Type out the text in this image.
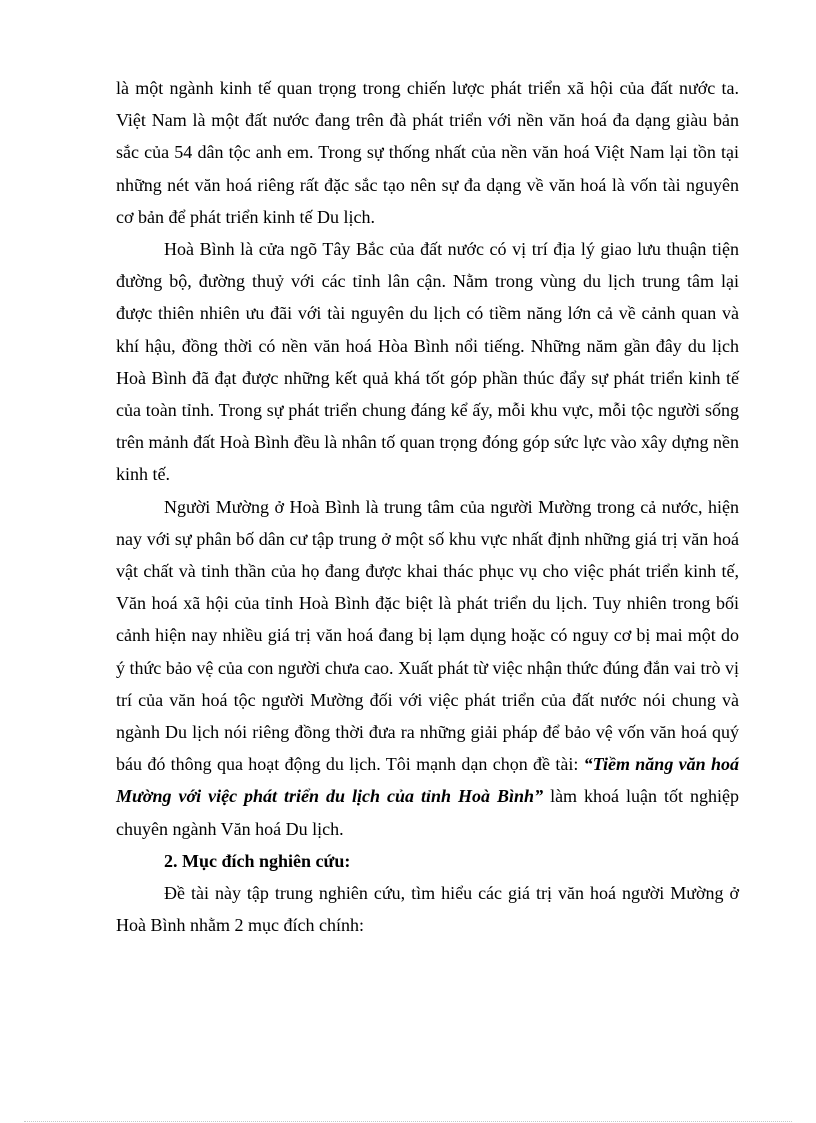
là một ngành kinh tế quan trọng trong chiến lược phát triển xã hội của đất nước ta. Việt Nam là một đất nước đang trên đà phát triển với nền văn hoá đa dạng giàu bản sắc của 54 dân tộc anh em. Trong sự thống nhất của nền văn hoá Việt Nam lại tồn tại những nét văn hoá riêng rất đặc sắc tạo nên sự đa dạng về văn hoá là vốn tài nguyên cơ bản để phát triển kinh tế Du lịch.

Hoà Bình là cửa ngõ Tây Bắc của đất nước có vị trí địa lý giao lưu thuận tiện đường bộ, đường thuỷ với các tỉnh lân cận. Nằm trong vùng du lịch trung tâm lại được thiên nhiên ưu đãi với tài nguyên du lịch có tiềm năng lớn cả về cảnh quan và khí hậu, đồng thời có nền văn hoá Hòa Bình nổi tiếng. Những năm gần đây du lịch Hoà Bình đã đạt được những kết quả khá tốt góp phần thúc đẩy sự phát triển kinh tế của toàn tỉnh. Trong sự phát triển chung đáng kể ấy, mỗi khu vực, mỗi tộc người sống trên mảnh đất Hoà Bình đều là nhân tố quan trọng đóng góp sức lực vào xây dựng nền kinh tế.

Người Mường ở Hoà Bình là trung tâm của người Mường trong cả nước, hiện nay với sự phân bố dân cư tập trung ở một số khu vực nhất định những giá trị văn hoá vật chất và tinh thần của họ đang được khai thác phục vụ cho việc phát triển kinh tế, Văn hoá xã hội của tỉnh Hoà Bình đặc biệt là phát triển du lịch. Tuy nhiên trong bối cảnh hiện nay nhiều giá trị văn hoá đang bị lạm dụng hoặc có nguy cơ bị mai một do ý thức bảo vệ của con người chưa cao. Xuất phát từ việc nhận thức đúng đắn vai trò vị trí của văn hoá tộc người Mường đối với việc phát triển của đất nước nói chung và ngành Du lịch nói riêng đồng thời đưa ra những giải pháp để bảo vệ vốn văn hoá quý báu đó thông qua hoạt động du lịch. Tôi mạnh dạn chọn đề tài: “Tiềm năng văn hoá Mường với việc phát triển du lịch của tỉnh Hoà Bình” làm khoá luận tốt nghiệp chuyên ngành Văn hoá Du lịch.

2. Mục đích nghiên cứu:

Đề tài này tập trung nghiên cứu, tìm hiểu các giá trị văn hoá người Mường ở Hoà Bình nhằm 2 mục đích chính:
